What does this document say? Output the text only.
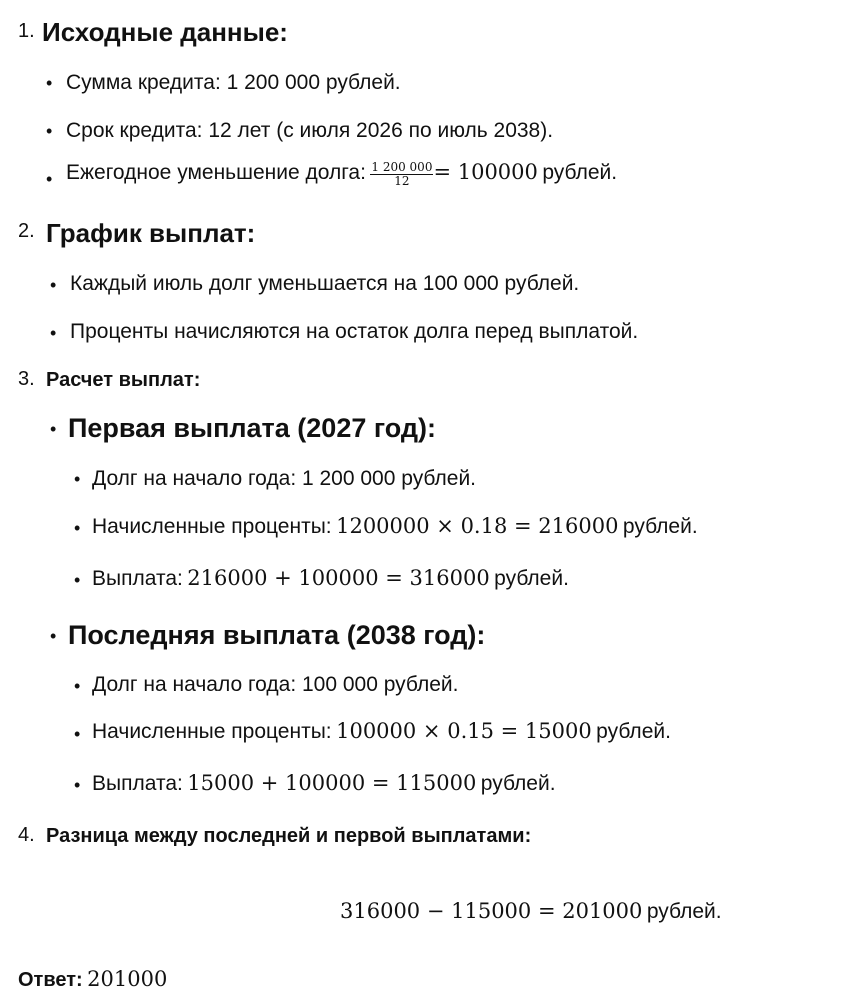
1. Исходные данные:
• Сумма кредита: 1 200 000 рублей.
• Срок кредита: 12 лет (с июля 2026 по июль 2038).
• Ежегодное уменьшение долга: $\frac{1 200 000}{12} = 100000$ рублей.
2. График выплат:
• Каждый июль долг уменьшается на 100 000 рублей.
• Проценты начисляются на остаток долга перед выплатой.
3. Расчет выплат:
• Первая выплата (2027 год):
• Долг на начало года: 1 200 000 рублей.
• Начисленные проценты: 1200000 × 0.18 = 216000 рублей.
• Выплата: 216000 + 100000 = 316000 рублей.
• Последняя выплата (2038 год):
• Долг на начало года: 100 000 рублей.
• Начисленные проценты: 100000 × 0.15 = 15000 рублей.
• Выплата: 15000 + 100000 = 115000 рублей.
4. Разница между последней и первой выплатами:
316000 − 115000 = 201000 рублей.
Ответ: 201000
